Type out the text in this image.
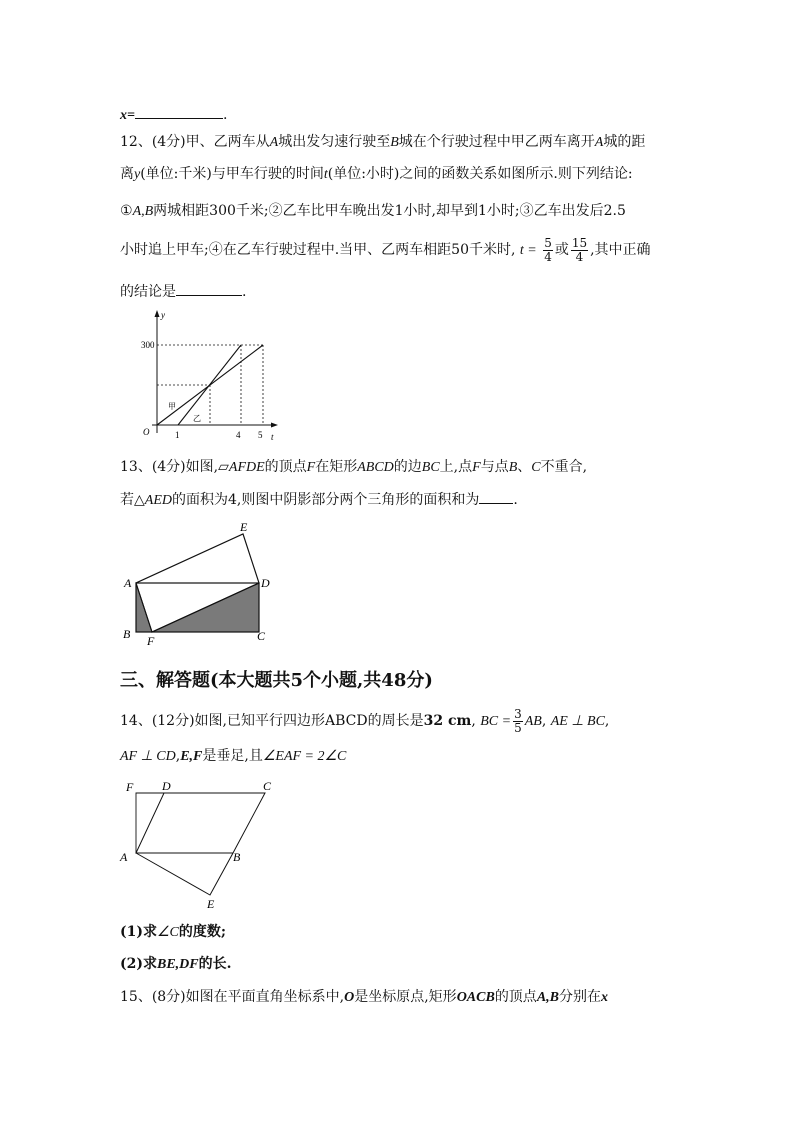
x=	.
12、(4分)甲、乙两车从A城出发匀速行驶至B城在个行驶过程中甲乙两车离开A城的距
离y(单位:千米)与甲车行驶的时间t(单位:小时)之间的函数关系如图所示.则下列结论:
①A,B两城相距300千米;②乙车比甲车晚出发1小时,却早到1小时;③乙车出发后2.5
小时追上甲车;④在乙车行驶过程中.当甲、乙两车相距50千米时, $t = \frac{5}{4}$ 或 $\frac{15}{4}$ ,其中正确
的结论是	.
y
t
O
300
1	4 5
甲
乙
13、(4分)如图,▱AFDE的顶点F在矩形ABCD的边BC上,点F与点B、C不重合,
若△AED的面积为4,则图中阴影部分两个三角形的面积和为 .
E
A	D
B F	C
三、解答题(本大题共5个小题,共48分)
14、(12分)如图,已知平行四边形ABCD的周长是32 cm, BC = $\frac{3}{5}$ AB, AE ⊥ BC,
AF ⊥ CD,E,F是垂足,且∠EAF = 2∠C
F D	C
A	B
E
(1)求∠C的度数;
(2)求BE,DF的长.
15、(8分)如图在平面直角坐标系中,O是坐标原点,矩形OACB的顶点A,B分别在x
